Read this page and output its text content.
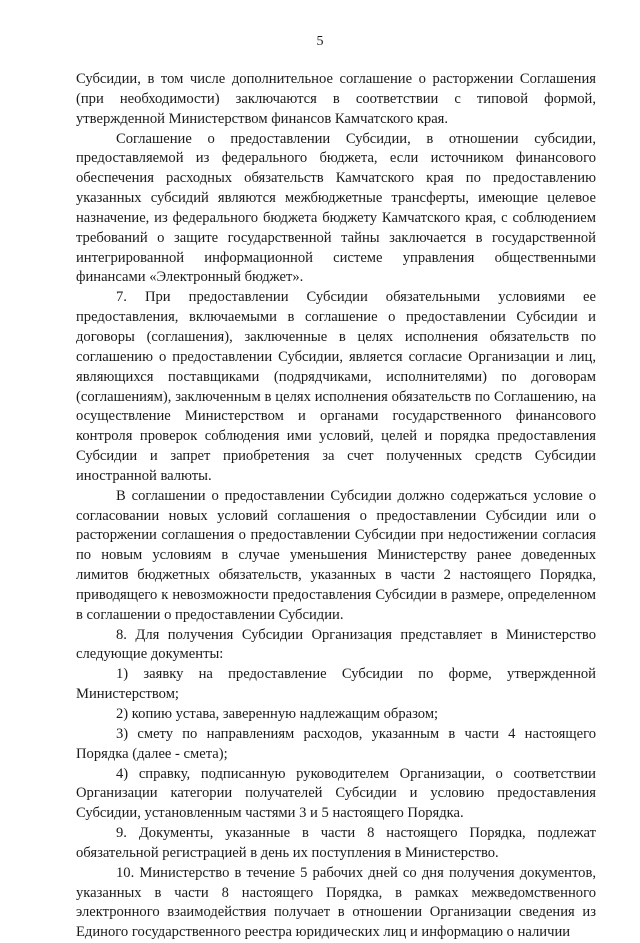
5

Субсидии, в том числе дополнительное соглашение о расторжении Соглашения (при необходимости) заключаются в соответствии с типовой формой, утвержденной Министерством финансов Камчатского края.

Соглашение о предоставлении Субсидии, в отношении субсидии, предоставляемой из федерального бюджета, если источником финансового обеспечения расходных обязательств Камчатского края по предоставлению указанных субсидий являются межбюджетные трансферты, имеющие целевое назначение, из федерального бюджета бюджету Камчатского края, с соблюдением требований о защите государственной тайны заключается в государственной интегрированной информационной системе управления общественными финансами «Электронный бюджет».

7. При предоставлении Субсидии обязательными условиями ее предоставления, включаемыми в соглашение о предоставлении Субсидии и договоры (соглашения), заключенные в целях исполнения обязательств по соглашению о предоставлении Субсидии, является согласие Организации и лиц, являющихся поставщиками (подрядчиками, исполнителями) по договорам (соглашениям), заключенным в целях исполнения обязательств по Соглашению, на осуществление Министерством и органами государственного финансового контроля проверок соблюдения ими условий, целей и порядка предоставления Субсидии и запрет приобретения за счет полученных средств Субсидии иностранной валюты.

В соглашении о предоставлении Субсидии должно содержаться условие о согласовании новых условий соглашения о предоставлении Субсидии или о расторжении соглашения о предоставлении Субсидии при недостижении согласия по новым условиям в случае уменьшения Министерству ранее доведенных лимитов бюджетных обязательств, указанных в части 2 настоящего Порядка, приводящего к невозможности предоставления Субсидии в размере, определенном в соглашении о предоставлении Субсидии.

8. Для получения Субсидии Организация представляет в Министерство следующие документы:

1) заявку на предоставление Субсидии по форме, утвержденной Министерством;

2) копию устава, заверенную надлежащим образом;

3) смету по направлениям расходов, указанным в части 4 настоящего Порядка (далее - смета);

4) справку, подписанную руководителем Организации, о соответствии Организации категории получателей Субсидии и условию предоставления Субсидии, установленным частями 3 и 5 настоящего Порядка.

9. Документы, указанные в части 8 настоящего Порядка, подлежат обязательной регистрацией в день их поступления в Министерство.

10. Министерство в течение 5 рабочих дней со дня получения документов, указанных в части 8 настоящего Порядка, в рамках межведомственного электронного взаимодействия получает в отношении Организации сведения из Единого государственного реестра юридических лиц и информацию о наличии
